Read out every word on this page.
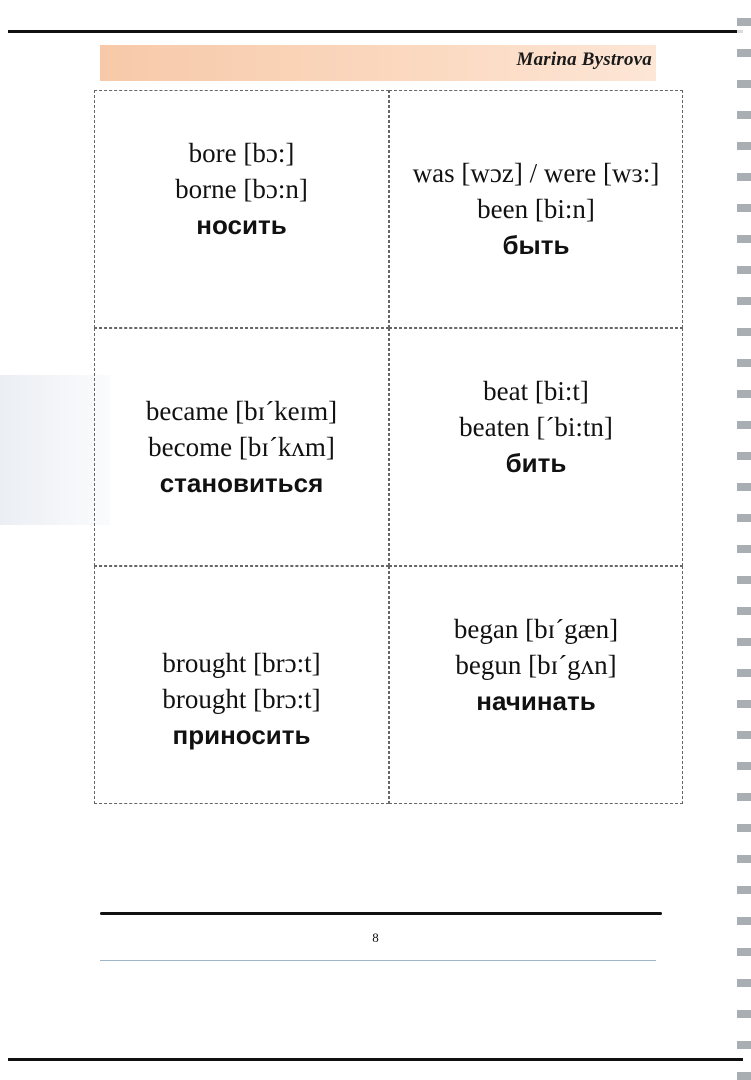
Marina Bystrova
bore [bɔ:]
borne [bɔ:n]
носить
was [wɔz] / were [wɜ:]
been [bi:n]
быть
became [bɪˊkeɪm]
become [bɪˊkʌm]
становиться
beat [bi:t]
beaten [ˊbi:tn]
бить
brought [brɔ:t]
brought [brɔ:t]
приносить
began [bɪˊgæn]
begun [bɪˊgʌn]
начинать
8
